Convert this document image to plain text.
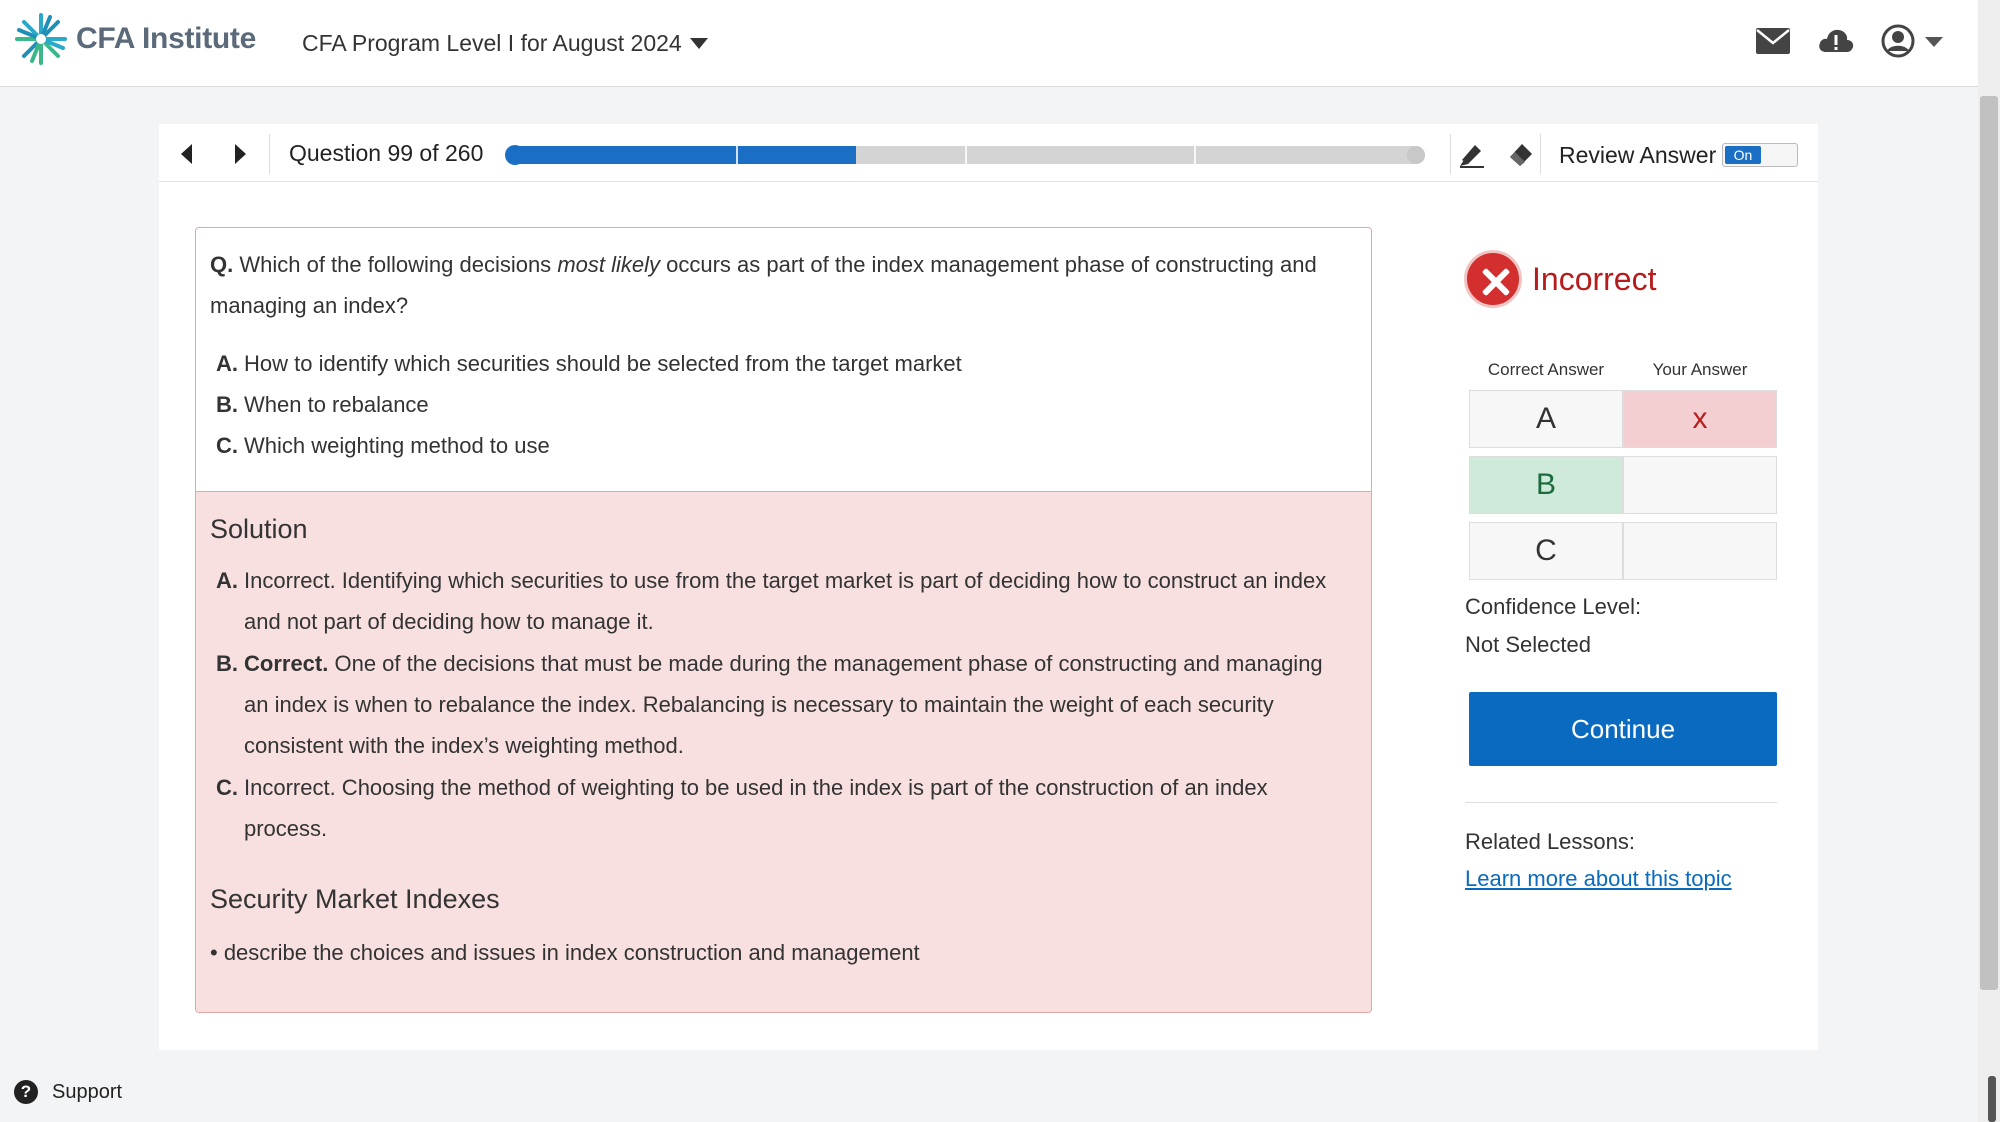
CFA Institute CFA Program Level I for August 2024
Question 99 of 260	Review Answer	On
Q. Which of the following decisions most likely occurs as part of the index management phase of constructing and managing an index?
A. How to identify which securities should be selected from the target market
B. When to rebalance
C. Which weighting method to use
Solution
A. Incorrect. Identifying which securities to use from the target market is part of deciding how to construct an index and not part of deciding how to manage it.
B. Correct. One of the decisions that must be made during the management phase of constructing and managing an index is when to rebalance the index. Rebalancing is necessary to maintain the weight of each security consistent with the index’s weighting method.
C. Incorrect. Choosing the method of weighting to be used in the index is part of the construction of an index process.
Security Market Indexes
• describe the choices and issues in index construction and management
Incorrect
Correct Answer	Your Answer
A	x
B
C
Confidence Level:
Not Selected
Continue
Related Lessons:
Learn more about this topic
?	Support
